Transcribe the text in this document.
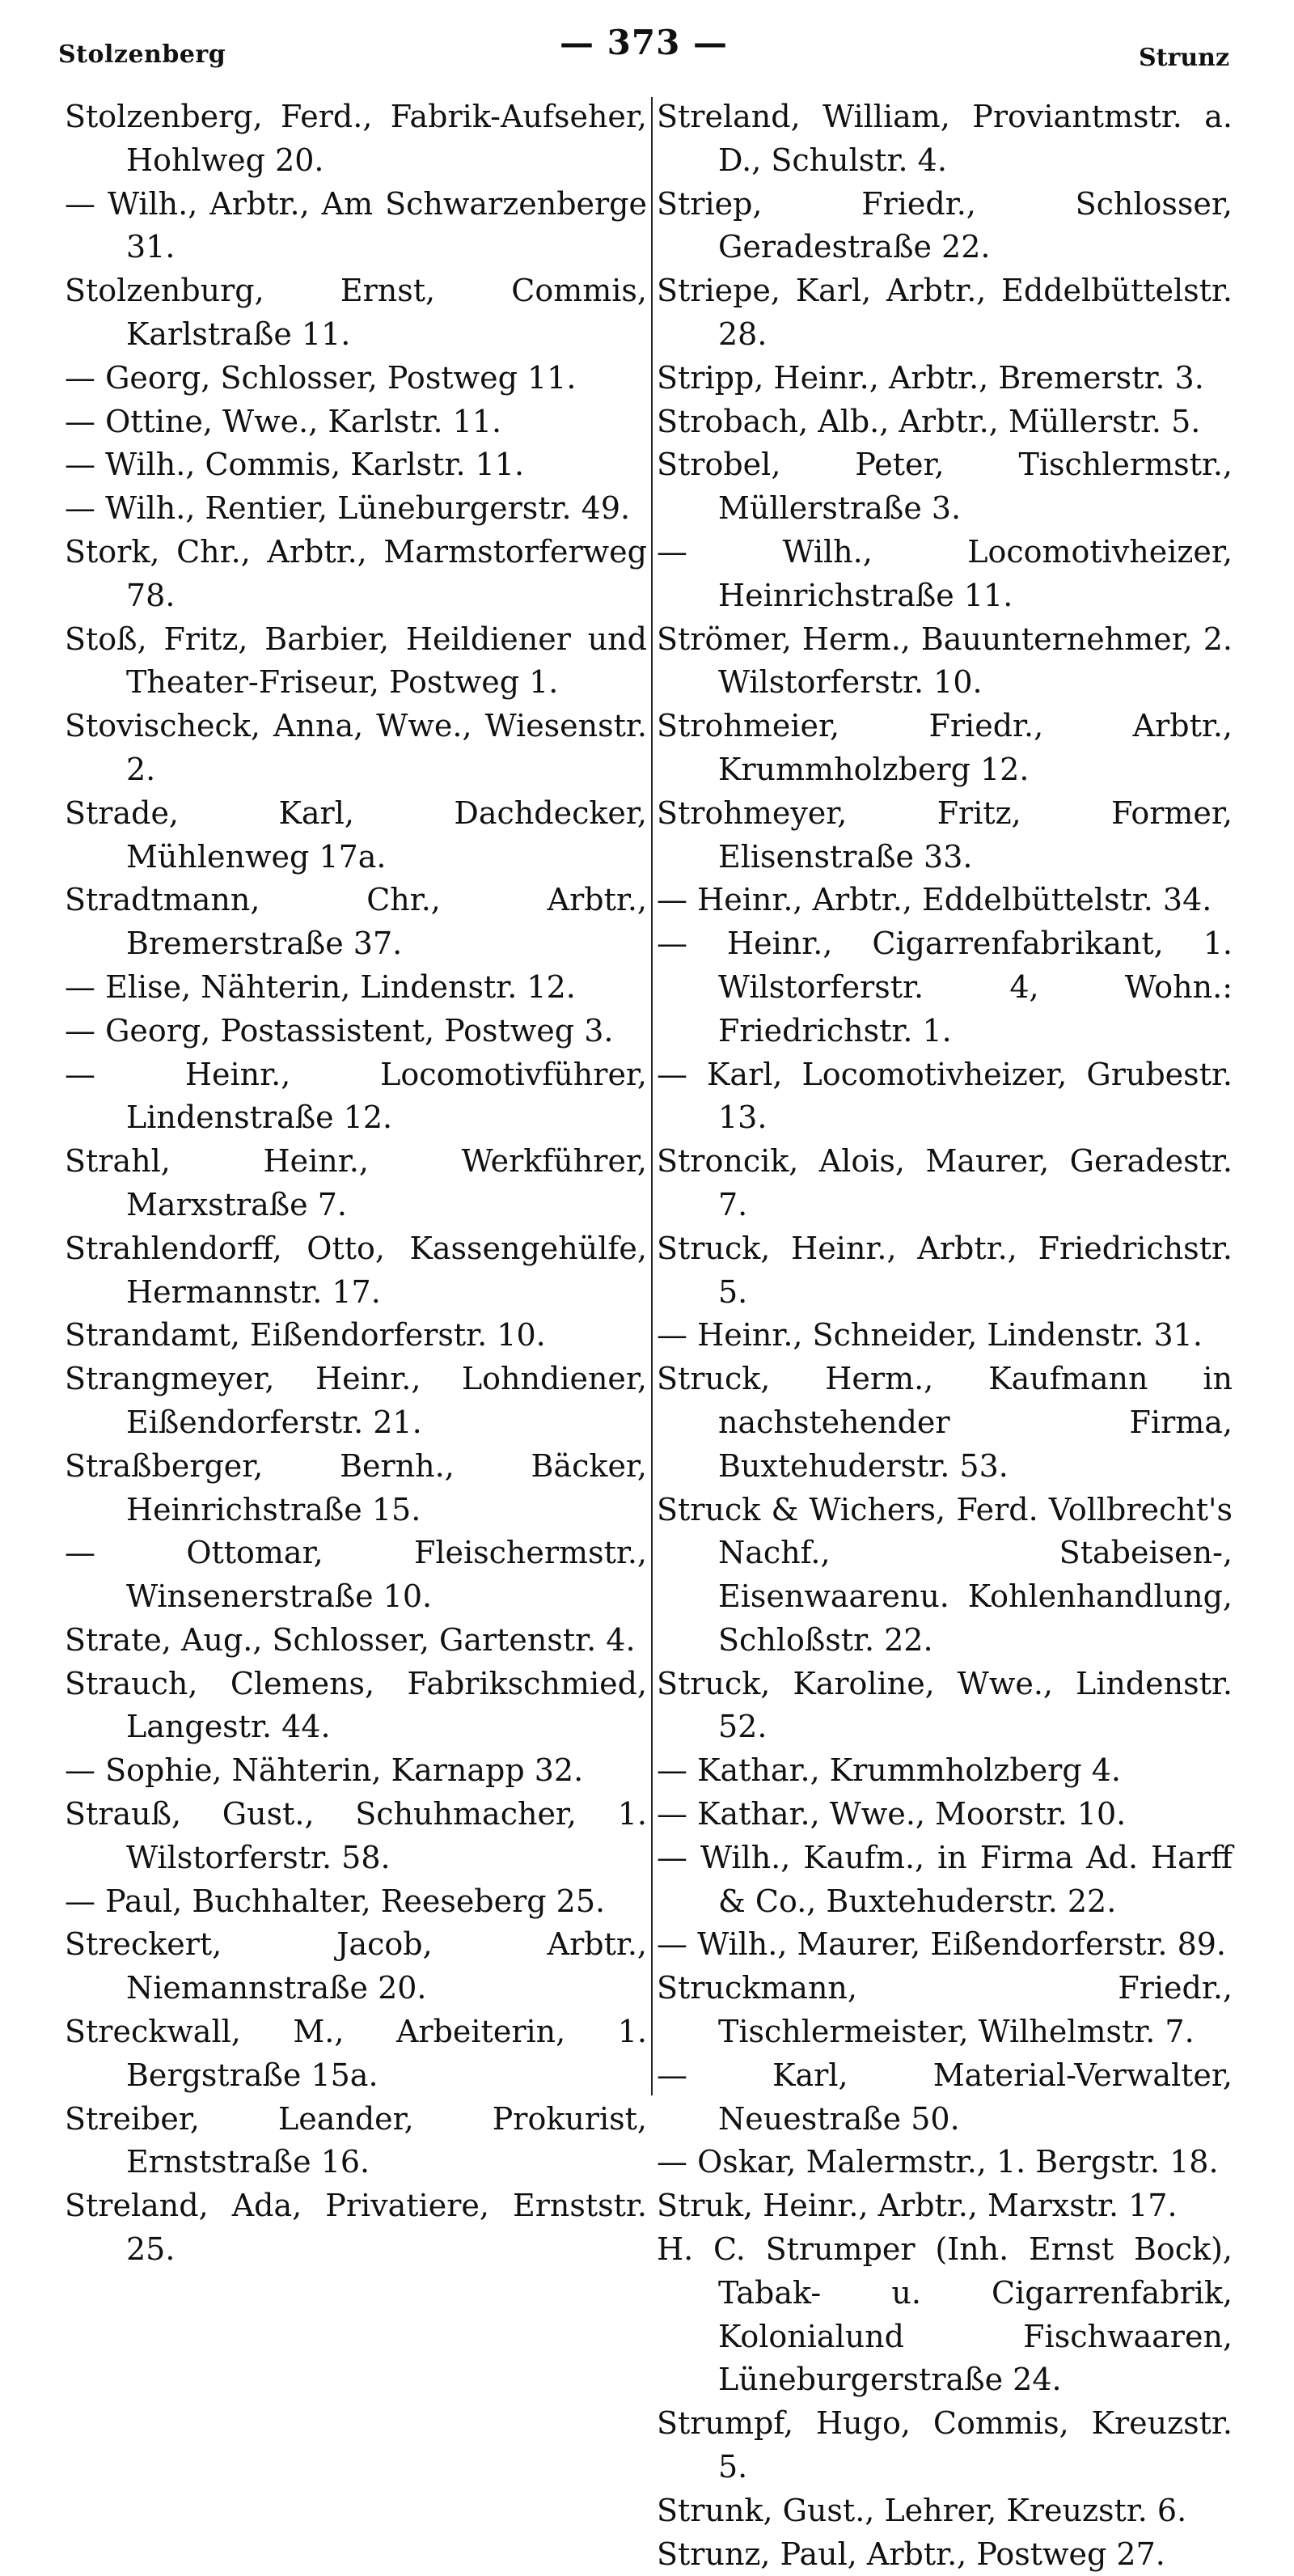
Stolzenberg	— 373 —	Strunz
Stolzenberg, Ferd., Fabrik-Aufseher, Hohlweg 20.
— Wilh., Arbtr., Am Schwarzenberge 31.
Stolzenburg, Ernst, Commis, Karlstraße 11.
— Georg, Schlosser, Postweg 11.
— Ottine, Wwe., Karlstr. 11.
— Wilh., Commis, Karlstr. 11.
— Wilh., Rentier, Lüneburgerstr. 49.
Stork, Chr., Arbtr., Marmstorferweg 78.
Stoß, Fritz, Barbier, Heildiener und Theater-Friseur, Postweg 1.
Stovischeck, Anna, Wwe., Wiesenstr. 2.
Strade, Karl, Dachdecker, Mühlenweg 17a.
Stradtmann, Chr., Arbtr., Bremerstraße 37.
— Elise, Nähterin, Lindenstr. 12.
— Georg, Postassistent, Postweg 3.
— Heinr., Locomotivführer, Lindenstraße 12.
Strahl, Heinr., Werkführer, Marxstraße 7.
Strahlendorff, Otto, Kassengehülfe, Hermannstr. 17.
Strandamt, Eißendorferstr. 10.
Strangmeyer, Heinr., Lohndiener, Eißendorferstr. 21.
Straßberger, Bernh., Bäcker, Heinrichstraße 15.
— Ottomar, Fleischermstr., Winsenerstraße 10.
Strate, Aug., Schlosser, Gartenstr. 4.
Strauch, Clemens, Fabrikschmied, Langestr. 44.
— Sophie, Nähterin, Karnapp 32.
Strauß, Gust., Schuhmacher, 1. Wilstorferstr. 58.
— Paul, Buchhalter, Reeseberg 25.
Streckert, Jacob, Arbtr., Niemannstraße 20.
Streckwall, M., Arbeiterin, 1. Bergstraße 15a.
Streiber, Leander, Prokurist, Ernststraße 16.
Streland, Ada, Privatiere, Ernststr. 25.
Streland, William, Proviantmstr. a. D., Schulstr. 4.
Striep, Friedr., Schlosser, Geradestraße 22.
Striepe, Karl, Arbtr., Eddelbüttelstr. 28.
Stripp, Heinr., Arbtr., Bremerstr. 3.
Strobach, Alb., Arbtr., Müllerstr. 5.
Strobel, Peter, Tischlermstr., Müllerstraße 3.
— Wilh., Locomotivheizer, Heinrichstraße 11.
Strömer, Herm., Bauunternehmer, 2. Wilstorferstr. 10.
Strohmeier, Friedr., Arbtr., Krummholzberg 12.
Strohmeyer, Fritz, Former, Elisenstraße 33.
— Heinr., Arbtr., Eddelbüttelstr. 34.
— Heinr., Cigarrenfabrikant, 1. Wilstorferstr. 4, Wohn.: Friedrichstr. 1.
— Karl, Locomotivheizer, Grubestr. 13.
Stroncik, Alois, Maurer, Geradestr. 7.
Struck, Heinr., Arbtr., Friedrichstr. 5.
— Heinr., Schneider, Lindenstr. 31.
Struck, Herm., Kaufmann in nachstehender Firma, Buxtehuderstr. 53.
Struck & Wichers, Ferd. Vollbrecht's Nachf., Stabeisen-, Eisenwaarenu. Kohlenhandlung, Schloßstr. 22.
Struck, Karoline, Wwe., Lindenstr. 52.
— Kathar., Krummholzberg 4.
— Kathar., Wwe., Moorstr. 10.
— Wilh., Kaufm., in Firma Ad. Harff & Co., Buxtehuderstr. 22.
— Wilh., Maurer, Eißendorferstr. 89.
Struckmann, Friedr., Tischlermeister, Wilhelmstr. 7.
— Karl, Material-Verwalter, Neuestraße 50.
— Oskar, Malermstr., 1. Bergstr. 18.
Struk, Heinr., Arbtr., Marxstr. 17.
H. C. Strumper (Inh. Ernst Bock), Tabak- u. Cigarrenfabrik, Kolonialund Fischwaaren, Lüneburgerstraße 24.
Strumpf, Hugo, Commis, Kreuzstr. 5.
Strunk, Gust., Lehrer, Kreuzstr. 6.
Strunz, Paul, Arbtr., Postweg 27.
